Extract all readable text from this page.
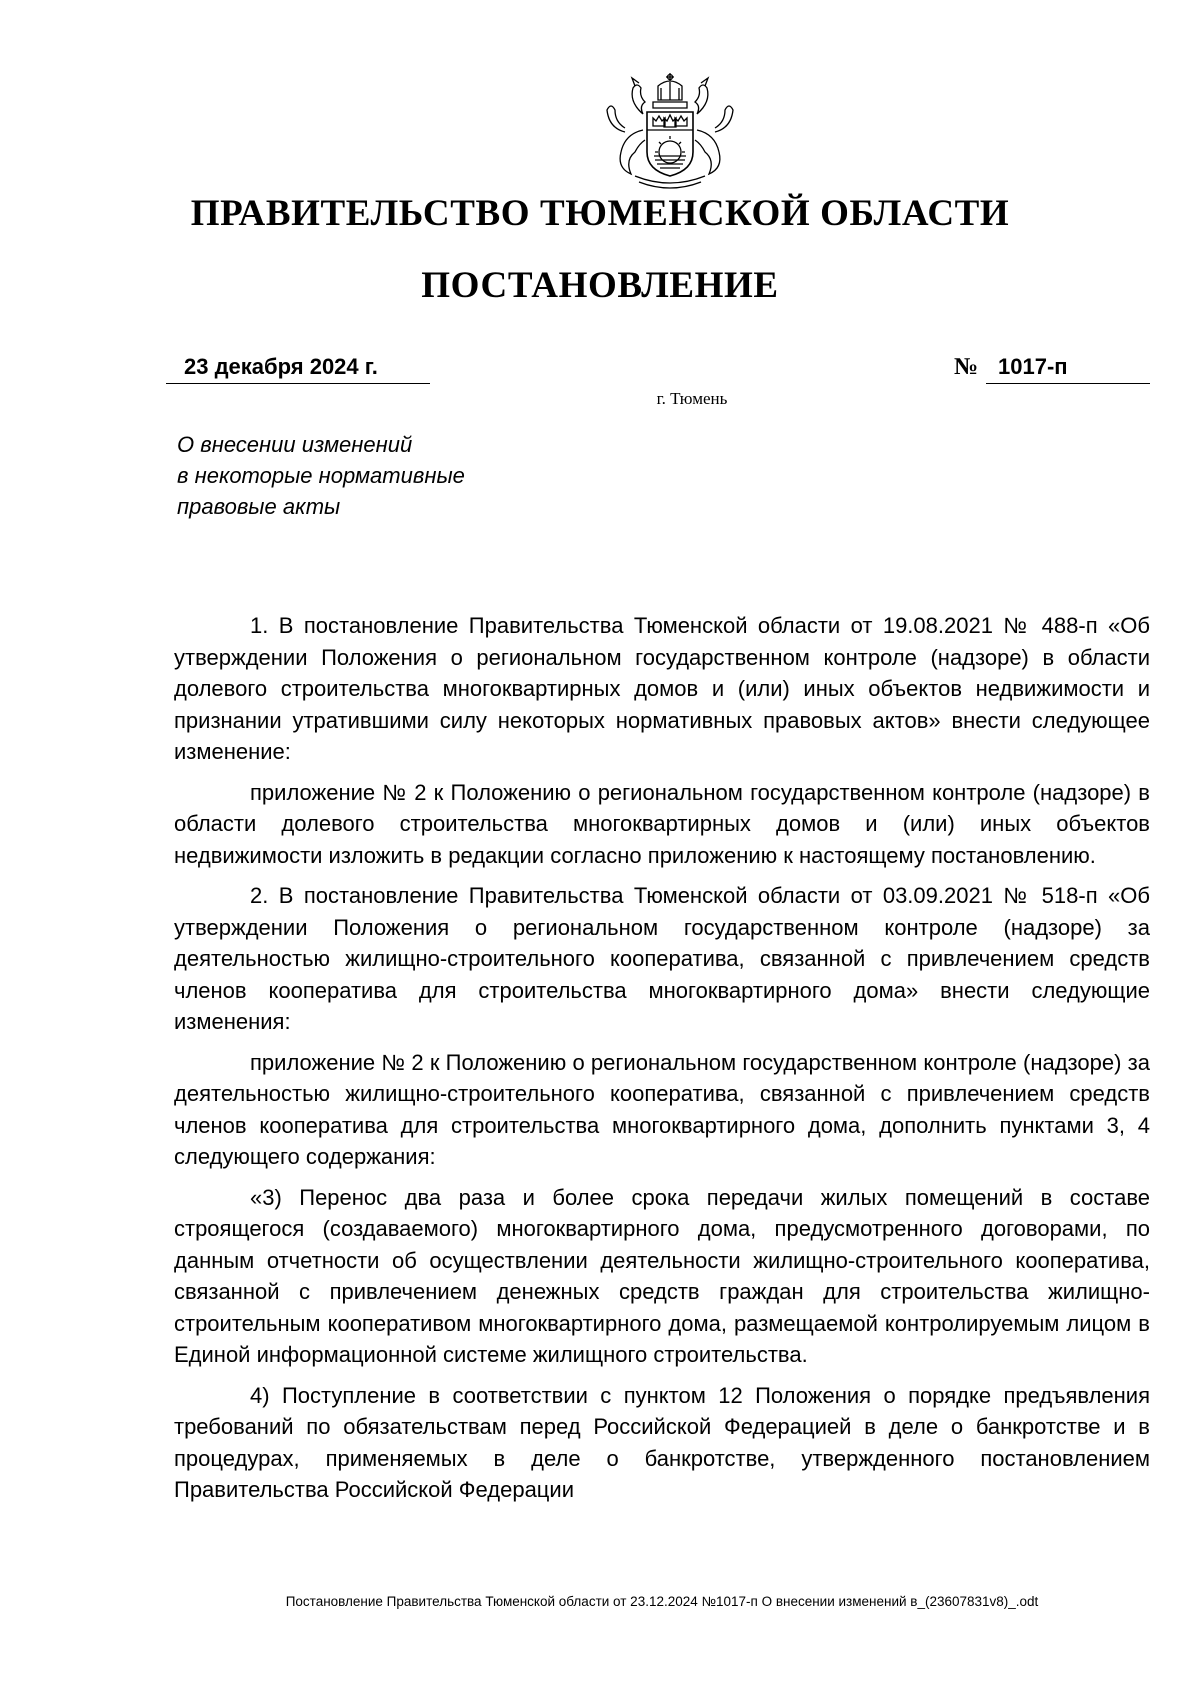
ПРАВИТЕЛЬСТВО ТЮМЕНСКОЙ ОБЛАСТИ
ПОСТАНОВЛЕНИЕ
23 декабря 2024 г.	№ 1017-п
г. Тюмень
О внесении изменений
в некоторые нормативные
правовые акты

1. В постановление Правительства Тюменской области от 19.08.2021 № 488-п «Об утверждении Положения о региональном государственном контроле (надзоре) в области долевого строительства многоквартирных домов и (или) иных объектов недвижимости и признании утратившими силу некоторых нормативных правовых актов» внести следующее изменение:

приложение № 2 к Положению о региональном государственном контроле (надзоре) в области долевого строительства многоквартирных домов и (или) иных объектов недвижимости изложить в редакции согласно приложению к настоящему постановлению.

2. В постановление Правительства Тюменской области от 03.09.2021 № 518-п «Об утверждении Положения о региональном государственном контроле (надзоре) за деятельностью жилищно-строительного кооператива, связанной с привлечением средств членов кооператива для строительства многоквартирного дома» внести следующие изменения:

приложение № 2 к Положению о региональном государственном контроле (надзоре) за деятельностью жилищно-строительного кооператива, связанной с привлечением средств членов кооператива для строительства многоквартирного дома, дополнить пунктами 3, 4 следующего содержания:

«3) Перенос два раза и более срока передачи жилых помещений в составе строящегося (создаваемого) многоквартирного дома, предусмотренного договорами, по данным отчетности об осуществлении деятельности жилищно-строительного кооператива, связанной с привлечением денежных средств граждан для строительства жилищно-строительным кооперативом многоквартирного дома, размещаемой контролируемым лицом в Единой информационной системе жилищного строительства.

4) Поступление в соответствии с пунктом 12 Положения о порядке предъявления требований по обязательствам перед Российской Федерацией в деле о банкротстве и в процедурах, применяемых в деле о банкротстве, утвержденного постановлением Правительства Российской Федерации

Постановление Правительства Тюменской области от 23.12.2024 №1017-п О внесении изменений в_(23607831v8)_.odt
